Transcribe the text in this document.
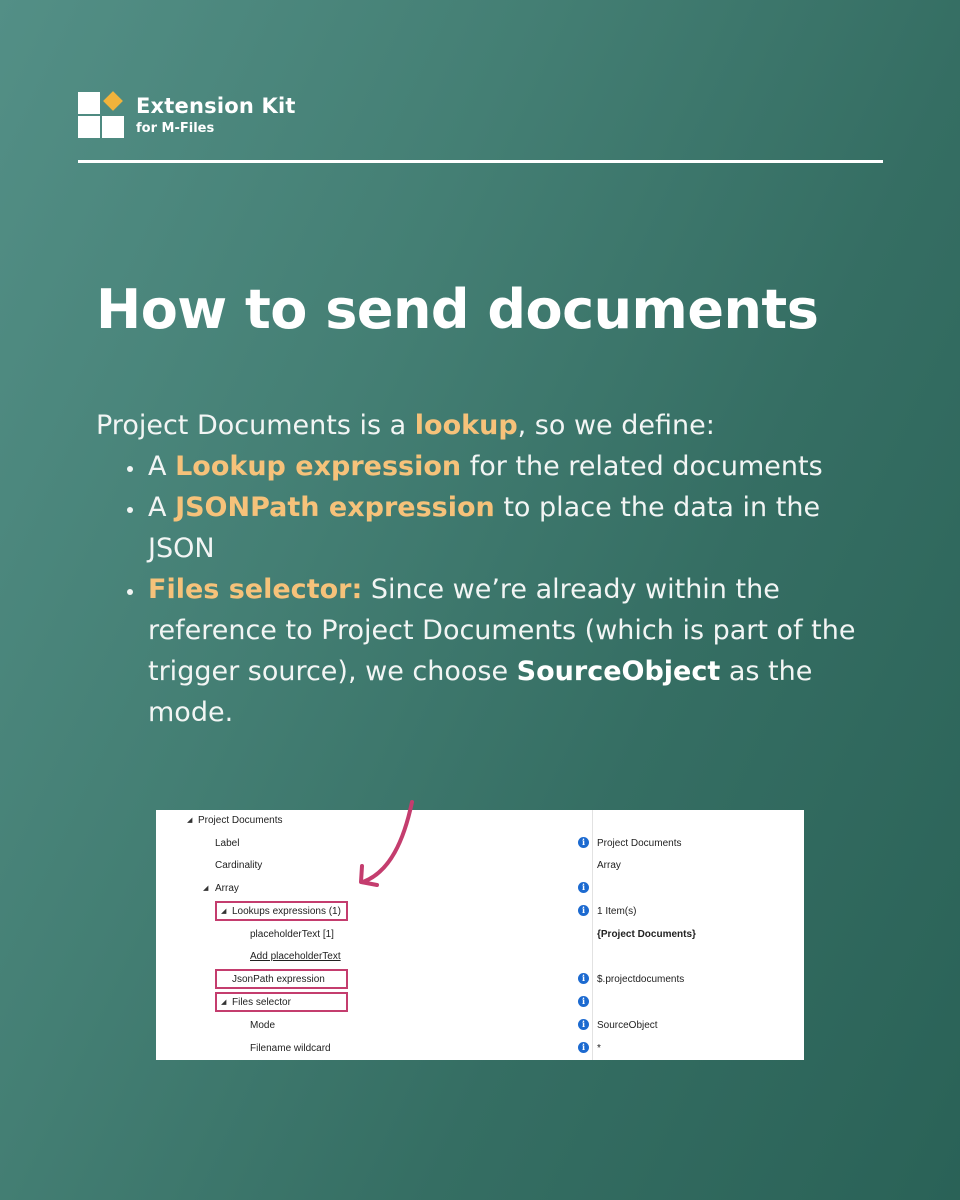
Extension Kit
for M-Files
How to send documents

Project Documents is a lookup, so we define:

• A Lookup expression for the related documents
• A JSONPath expression to place the data in the JSON
• Files selector: Since we’re already within the reference to Project Documents (which is part of the trigger source), we choose SourceObject as the mode.
◢ Project Documents
Label	i	Project Documents
Cardinality	Array
◢ Array	i
◢ Lookups expressions (1)	i	1 Item(s)
placeholderText [1]	{Project Documents}
Add placeholderText
JsonPath expression	i	$.projectdocuments
◢ Files selector	i
Mode	i	SourceObject
Filename wildcard	i	*
